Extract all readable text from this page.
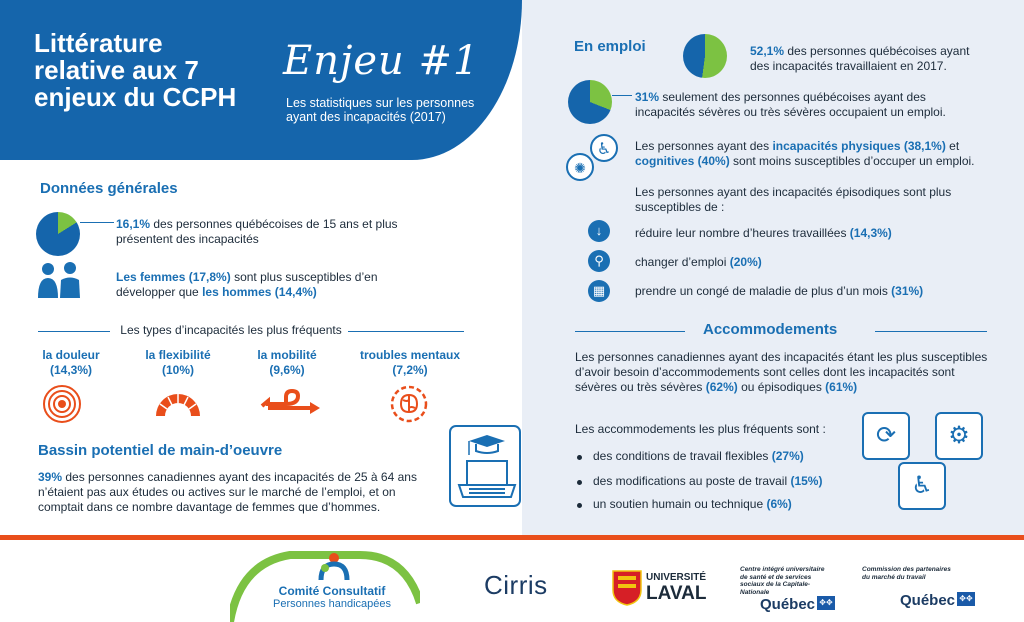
Littérature relative aux 7 enjeux du CCPH
Enjeu #1
Les statistiques sur les personnes ayant des incapacités (2017)
Données générales
16,1% des personnes québécoises de 15 ans et plus présentent des incapacités
Les femmes (17,8%) sont plus susceptibles d’en développer que les hommes (14,4%)
Les types d’incapacités les plus fréquents
la douleur
(14,3%)
la flexibilité
(10%)
la mobilité
(9,6%)
troubles mentaux
(7,2%)
Bassin potentiel de main-d’oeuvre
39% des personnes canadiennes ayant des incapacités de 25 à 64 ans n’étaient pas aux études ou actives sur le marché de l’emploi, et on comptait dans ce nombre davantage de femmes que d’hommes.
En emploi	52,1% des personnes québécoises ayant des incapacités travaillaient en 2017.
31% seulement des personnes québécoises ayant des incapacités sévères ou très sévères occupaient un emploi.
♿
✺
Les personnes ayant des incapacités physiques (38,1%) et cognitives (40%) sont moins susceptibles d’occuper un emploi.
Les personnes ayant des incapacités épisodiques sont plus susceptibles de :
↓	réduire leur nombre d’heures travaillées (14,3%)
⚲	changer d’emploi (20%)
▦	prendre un congé de maladie de plus d’un mois (31%)
Accommodements
Les personnes canadiennes ayant des incapacités étant les plus susceptibles d’avoir besoin d’accommodements sont celles dont les incapacités sont sévères ou très sévères (62%) ou épisodiques (61%)
Les accommodements les plus fréquents sont :
des conditions de travail flexibles (27%)
des modifications au poste de travail (15%)
un soutien humain ou technique (6%)
⟳	⚙
♿
Comité Consultatif
Personnes handicapées
Cirris	UNIVERSITÉ
LAVAL
Centre intégré universitaire de santé et de services sociaux de la Capitale-Nationale
Québec ✥✥
Commission des partenaires du marché du travail
Québec ✥✥
